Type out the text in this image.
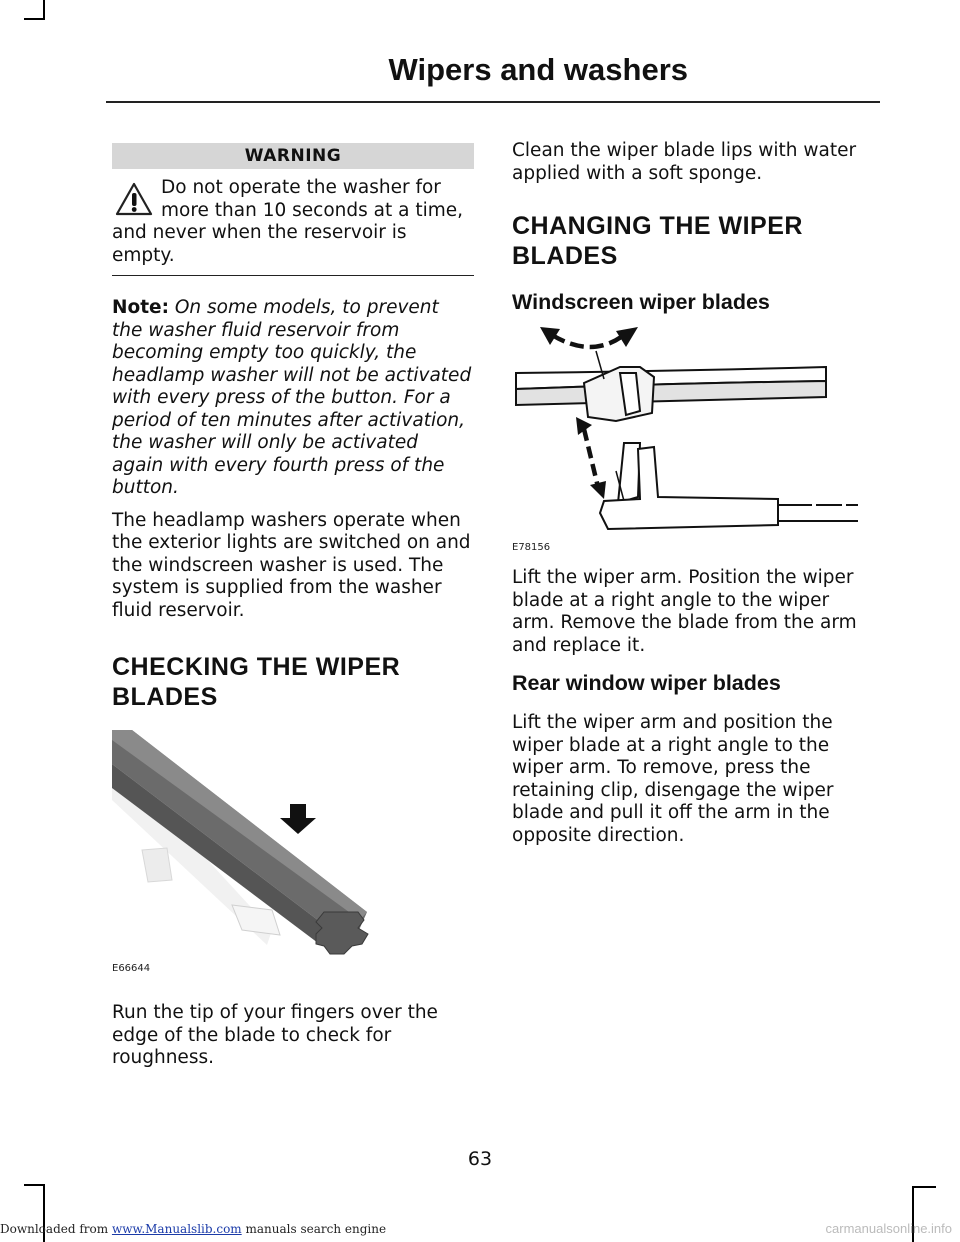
Wipers and washers
WARNING

Do not operate the washer for

more than 10 seconds at a time,

and never when the reservoir is empty.

Note: On some models, to prevent the washer fluid reservoir from becoming empty too quickly, the headlamp washer will not be activated with every press of the button. For a period of ten minutes after activation, the washer will only be activated again with every fourth press of the button.

The headlamp washers operate when the exterior lights are switched on and the windscreen washer is used. The system is supplied from the washer fluid reservoir.

CHECKING THE WIPER BLADES

E66644

Run the tip of your fingers over the edge of the blade to check for roughness.

Clean the wiper blade lips with water applied with a soft sponge.

CHANGING THE WIPER BLADES

Windscreen wiper blades

E78156

Lift the wiper arm. Position the wiper blade at a right angle to the wiper arm. Remove the blade from the arm and replace it.

Rear window wiper blades

Lift the wiper arm and position the wiper blade at a right angle to the wiper arm. To remove, press the retaining clip, disengage the wiper blade and pull it off the arm in the opposite direction.

63
Downloaded from www.Manualslib.com manuals search engine	carmanualsonline.info
